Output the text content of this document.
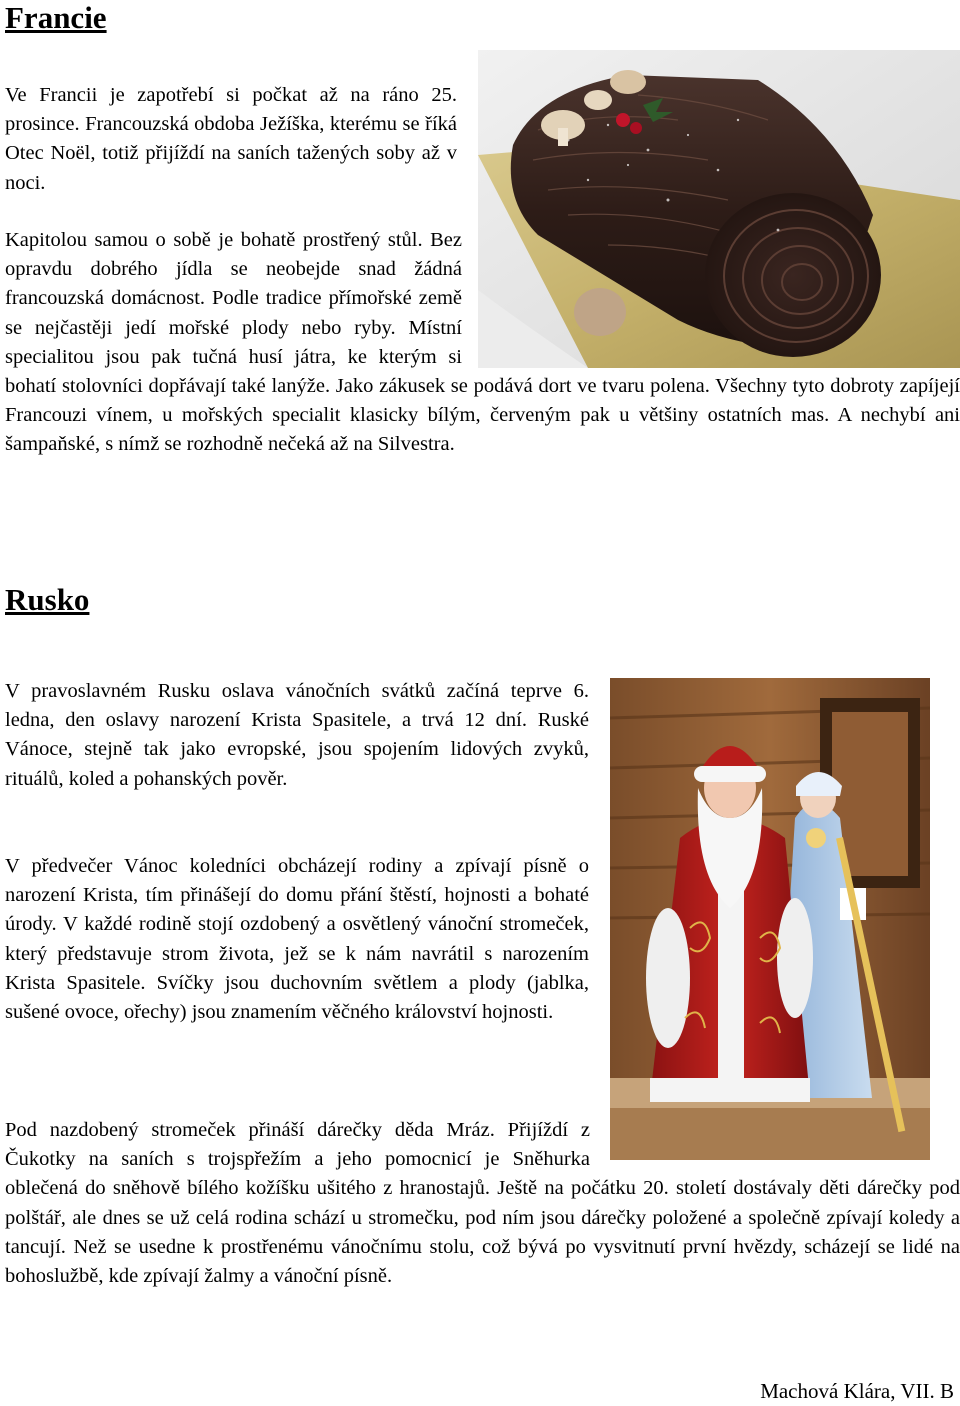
Francie

Ve Francii je zapotřebí si počkat až na ráno 25. prosince. Francouzská obdoba Ježíška, kterému se říká Otec Noël, totiž přijíždí na saních tažených soby až v noci.

Kapitolou samou o sobě je bohatě prostřený stůl. Bez opravdu dobrého jídla se neobejde snad žádná francouzská domácnost. Podle tradice přímořské země se nejčastěji jedí mořské plody nebo ryby. Místní specialitou jsou pak tučná husí játra, ke kterým si bohatí stolovníci dopřávají také lanýže. Jako zákusek se podává dort ve tvaru polena. Všechny tyto dobroty zapíjejí Francouzi vínem, u mořských specialit klasicky bílým, červeným pak u většiny ostatních mas. A nechybí ani šampaňské, s nímž se rozhodně nečeká až na Silvestra.
Rusko

V pravoslavném Rusku oslava vánočních svátků začíná teprve 6. ledna, den oslavy narození Krista Spasitele, a trvá 12 dní. Ruské Vánoce, stejně tak jako evropské, jsou spojením lidových zvyků, rituálů, koled a pohanských pověr.

V předvečer Vánoc koledníci obcházejí rodiny a zpívají písně o narození Krista, tím přinášejí do domu přání štěstí, hojnosti a bohaté úrody. V každé rodině stojí ozdobený a osvětlený vánoční stromeček, který představuje strom života, jež se k nám navrátil s narozením Krista Spasitele. Svíčky jsou duchovním světlem a plody (jablka, sušené ovoce, ořechy) jsou znamením věčného království hojnosti.

Pod nazdobený stromeček přináší dárečky děda Mráz. Přijíždí z Čukotky na saních s trojspřežím a jeho pomocnicí je Sněhurka oblečená do sněhově bílého kožíšku ušitého z hranostajů. Ještě na počátku 20. století dostávaly děti dárečky pod polštář, ale dnes se už celá rodina schází u stromečku, pod ním jsou dárečky položené a společně zpívají koledy a tancují. Než se usedne k prostřenému vánočnímu stolu, což bývá po vysvitnutí první hvězdy, scházejí se lidé na bohoslužbě, kde zpívají žalmy a vánoční písně.

Machová Klára, VII. B
